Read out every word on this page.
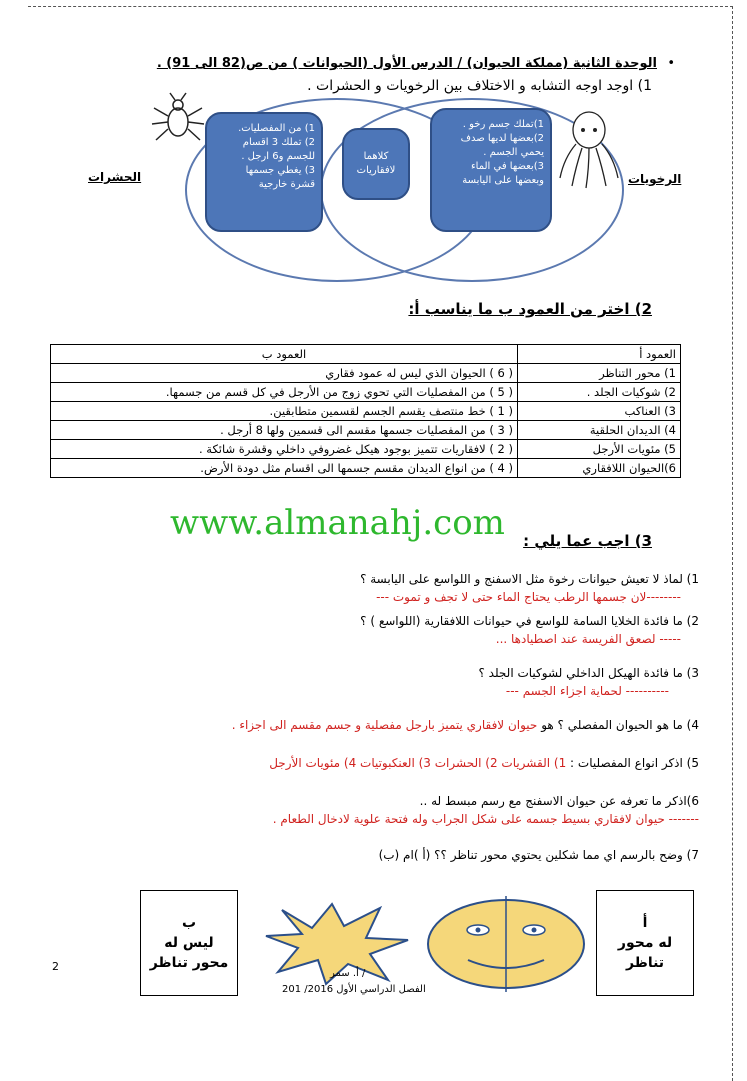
•
الوحدة الثانية (مملكة الحيوان) / الدرس الأول (الحيوانات ) من ص(82 الى 91) .
1) اوجد اوجه التشابه و الاختلاف بين الرخويات و الحشرات .
1) من المفصليات.
2) تملك 3 اقسام
للجسم و6 ارجل .
3) يغطي جسمها
قشرة خارجية
كلاهما
لافقاريات
1)تملك جسم رخو .
2)بعضها لديها صدف
يحمي الجسم .
3)بعضها في الماء
وبعضها على اليابسة
الحشرات	الرخويات
2) اختر من العمود ب ما يناسب أ:
العمود أ	العمود ب
1) محور التناظر	( 6 ) الحيوان الذي ليس له عمود فقاري
2) شوكيات الجلد .	( 5 ) من المفصليات التي تحوي زوج من الأرجل في كل قسم من جسمها.
3) العناكب	( 1 ) خط منتصف يقسم الجسم لقسمين متطابقين.
4) الديدان الحلقية	( 3 ) من المفصليات جسمها مقسم الى قسمين ولها 8 أرجل .
5) مئويات الأرجل	( 2 ) لافقاريات تتميز بوجود هيكل غضروفي داخلي وقشرة شائكة .
6)الحيوان اللافقاري	( 4 ) من انواع الديدان مقسم جسمها الى اقسام مثل دودة الأرض.
www.almanahj.com 3) اجب عما يلي :
1) لماذ لا تعيش حيوانات رخوة مثل الاسفنج و اللواسع على اليابسة ؟
--------لان جسمها الرطب يحتاج الماء حتى لا تجف و تموت ---
2) ما فائدة الخلايا السامة للواسع في حيوانات اللافقارية (اللواسع ) ؟
----- لصعق الفريسة عند اصطيادها ...
3) ما فائدة الهيكل الداخلي لشوكيات الجلد ؟
---------- لحماية اجزاء الجسم ---
4) ما هو الحيوان المفصلي ؟ هو حيوان لافقاري يتميز بارجل مفصلية و جسم مقسم الى اجزاء .
5) اذكر انواع المفصليات : 1) القشريات 2) الحشرات 3) العنكبوتيات 4) مئويات الأرجل
6)اذكر ما تعرفه عن حيوان الاسفنج مع رسم مبسط له ..
------- حيوان لافقاري بسيط جسمه على شكل الجراب وله فتحة علوية لادخال الطعام .
7) وضح بالرسم اي مما شكلين يحتوي محور تناظر ؟؟ (أ )ام (ب)
ب
ليس له
محور تناظر
أ
له محور
تناظر
2
/ أ. سمر
الفصل الدراسي الأول 2016/ 201
